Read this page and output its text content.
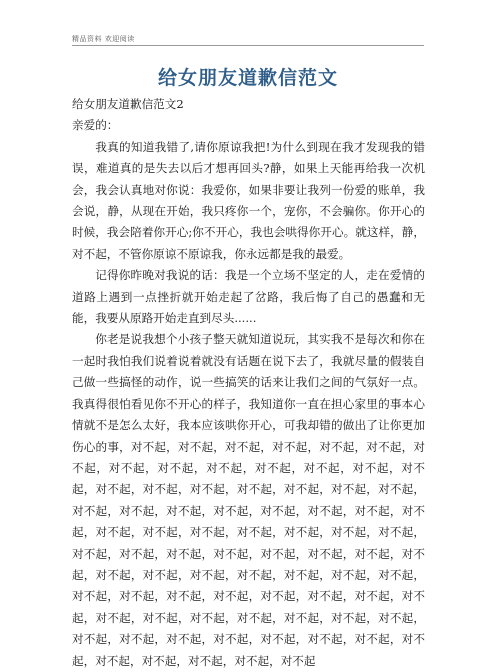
精品资料 欢迎阅读
给女朋友道歉信范文

给女朋友道歉信范文2

亲爱的：

我真的知道我错了,请你原谅我把!为什么到现在我才发现我的错误，难道真的是失去以后才想再回头?静，如果上天能再给我一次机会，我会认真地对你说：我爱你，如果非要让我列一份爱的账单，我会说，静，从现在开始，我只疼你一个，宠你，不会骗你。你开心的时候，我会陪着你开心;你不开心，我也会哄得你开心。就这样，静，对不起，不管你原谅不原谅我，你永远都是我的最爱。

记得你昨晚对我说的话：我是一个立场不坚定的人，走在爱情的道路上遇到一点挫折就开始走起了岔路，我后悔了自己的愚蠢和无能，我要从原路开始走直到尽头......

你老是说我想个小孩子整天就知道说玩，其实我不是每次和你在一起时我怕我们说着说着就没有话题在说下去了，我就尽量的假装自己做一些搞怪的动作，说一些搞笑的话来让我们之间的气氛好一点。我真得很怕看见你不开心的样子，我知道你一直在担心家里的事本心情就不是怎么太好，我本应该哄你开心，可我却错的做出了让你更加伤心的事，对不起，对不起，对不起，对不起，对不起，对不起，对不起，对不起，对不起，对不起，对不起，对不起，对不起，对不起，对不起，对不起，对不起，对不起，对不起，对不起，对不起，对不起，对不起，对不起，对不起，对不起，对不起，对不起，对不起，对不起，对不起，对不起，对不起，对不起，对不起，对不起，对不起，对不起，对不起，对不起，对不起，对不起，对不起，对不起，对不起，对不起，对不起，对不起，对不起，对不起，对不起，对不起，对不起，对不起，对不起，对不起，对不起，对不起，对不起，对不起，对不起，对不起，对不起，对不起，对不起，对不起，对不起，对不起，对不起，对不起，对不起，对不起，对不起，对不起，对不起，对不起，对不起，对不起，对不起
